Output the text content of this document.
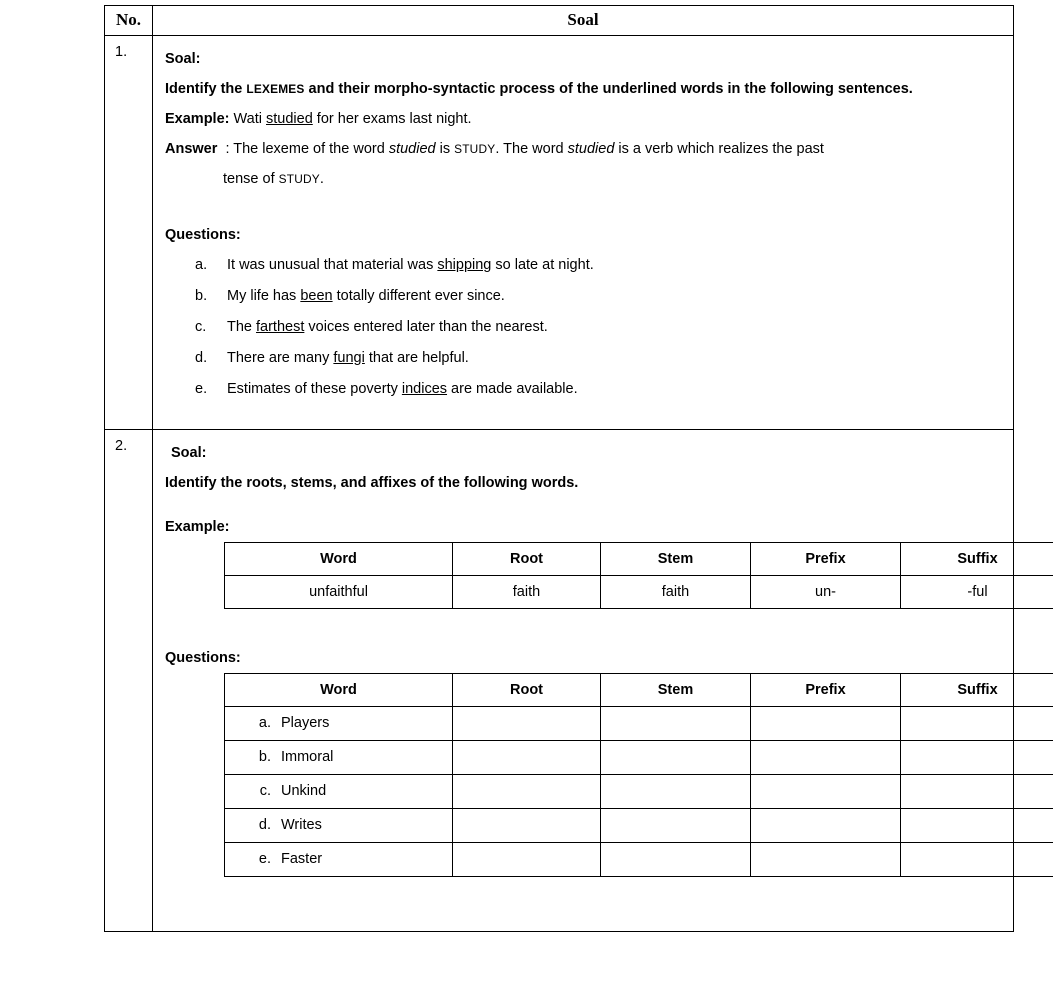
No.	Soal
1.	Soal:
Identify the LEXEMES and their morpho-syntactic process of the underlined words in the following sentences.
Example: Wati studied for her exams last night.
Answer : The lexeme of the word studied is STUDY. The word studied is a verb which realizes the past
tense of STUDY.
Questions:
a.	It was unusual that material was shipping so late at night.
b.	My life has been totally different ever since.
c.	The farthest voices entered later than the nearest.
d.	There are many fungi that are helpful.
e.	Estimates of these poverty indices are made available.

2.	Soal:
Identify the roots, stems, and affixes of the following words.
Example:
Word	Root	Stem	Prefix	Suffix
unfaithful	faith	faith	un-	-ful
Questions:
Word	Root	Stem	Prefix	Suffix
a. Players				
b. Immoral				
c. Unkind				
d. Writes				
e. Faster				
